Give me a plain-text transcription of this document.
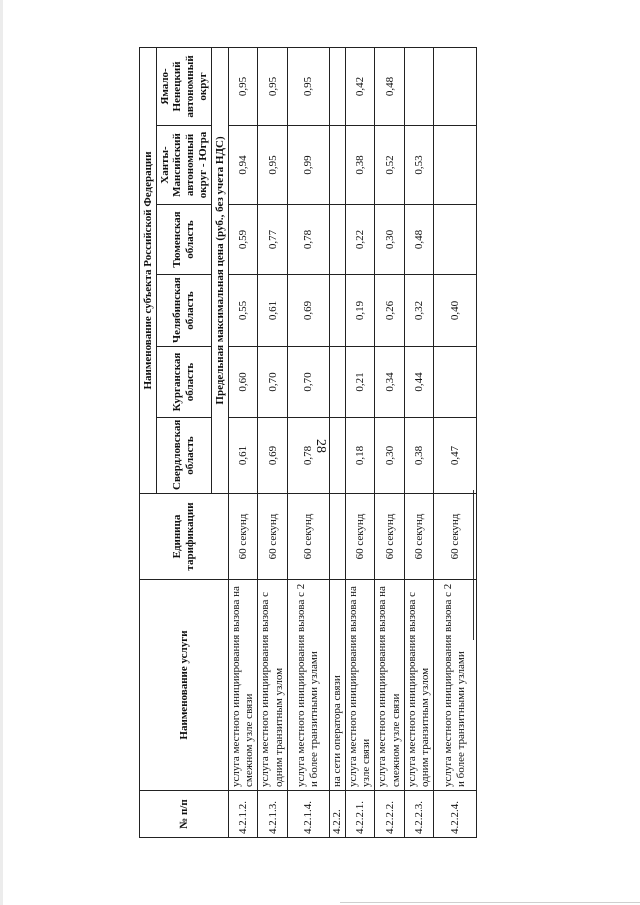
28
№ п/п	Наименование услуги	Единица тарификации	Наименование субъекта Российской Федерации					
			Свердловская область	Курганская область	Челябинская область	Тюменская область	Ханты-Мансийский автономный округ - Югра	Ямало-Ненецкий автономный округ
			Предельная максимальная цена (руб., без учета НДС)					
4.2.1.2.	услуга местного инициирования вызова на смежном узле связи	60 секунд	0,61	0,60	0,55	0,59	0,94	0,95
4.2.1.3.	услуга местного инициирования вызова с одним транзитным узлом	60 секунд	0,69	0,70	0,61	0,77	0,95	0,95
4.2.1.4.	услуга местного инициирования вызова с 2 и более транзитными узлами	60 секунд	0,78	0,70	0,69	0,78	0,99	0,95
4.2.2.	на сети оператора связи							
4.2.2.1.	услуга местного инициирования вызова на узле связи	60 секунд	0,18	0,21	0,19	0,22	0,38	0,42
4.2.2.2.	услуга местного инициирования вызова на смежном узле связи	60 секунд	0,30	0,34	0,26	0,30	0,52	0,48
4.2.2.3.	услуга местного инициирования вызова с одним транзитным узлом	60 секунд	0,38	0,44	0,32	0,48	0,53	
4.2.2.4.	услуга местного инициирования вызова с 2 и более транзитными узлами	60 секунд	0,47		0,40			
